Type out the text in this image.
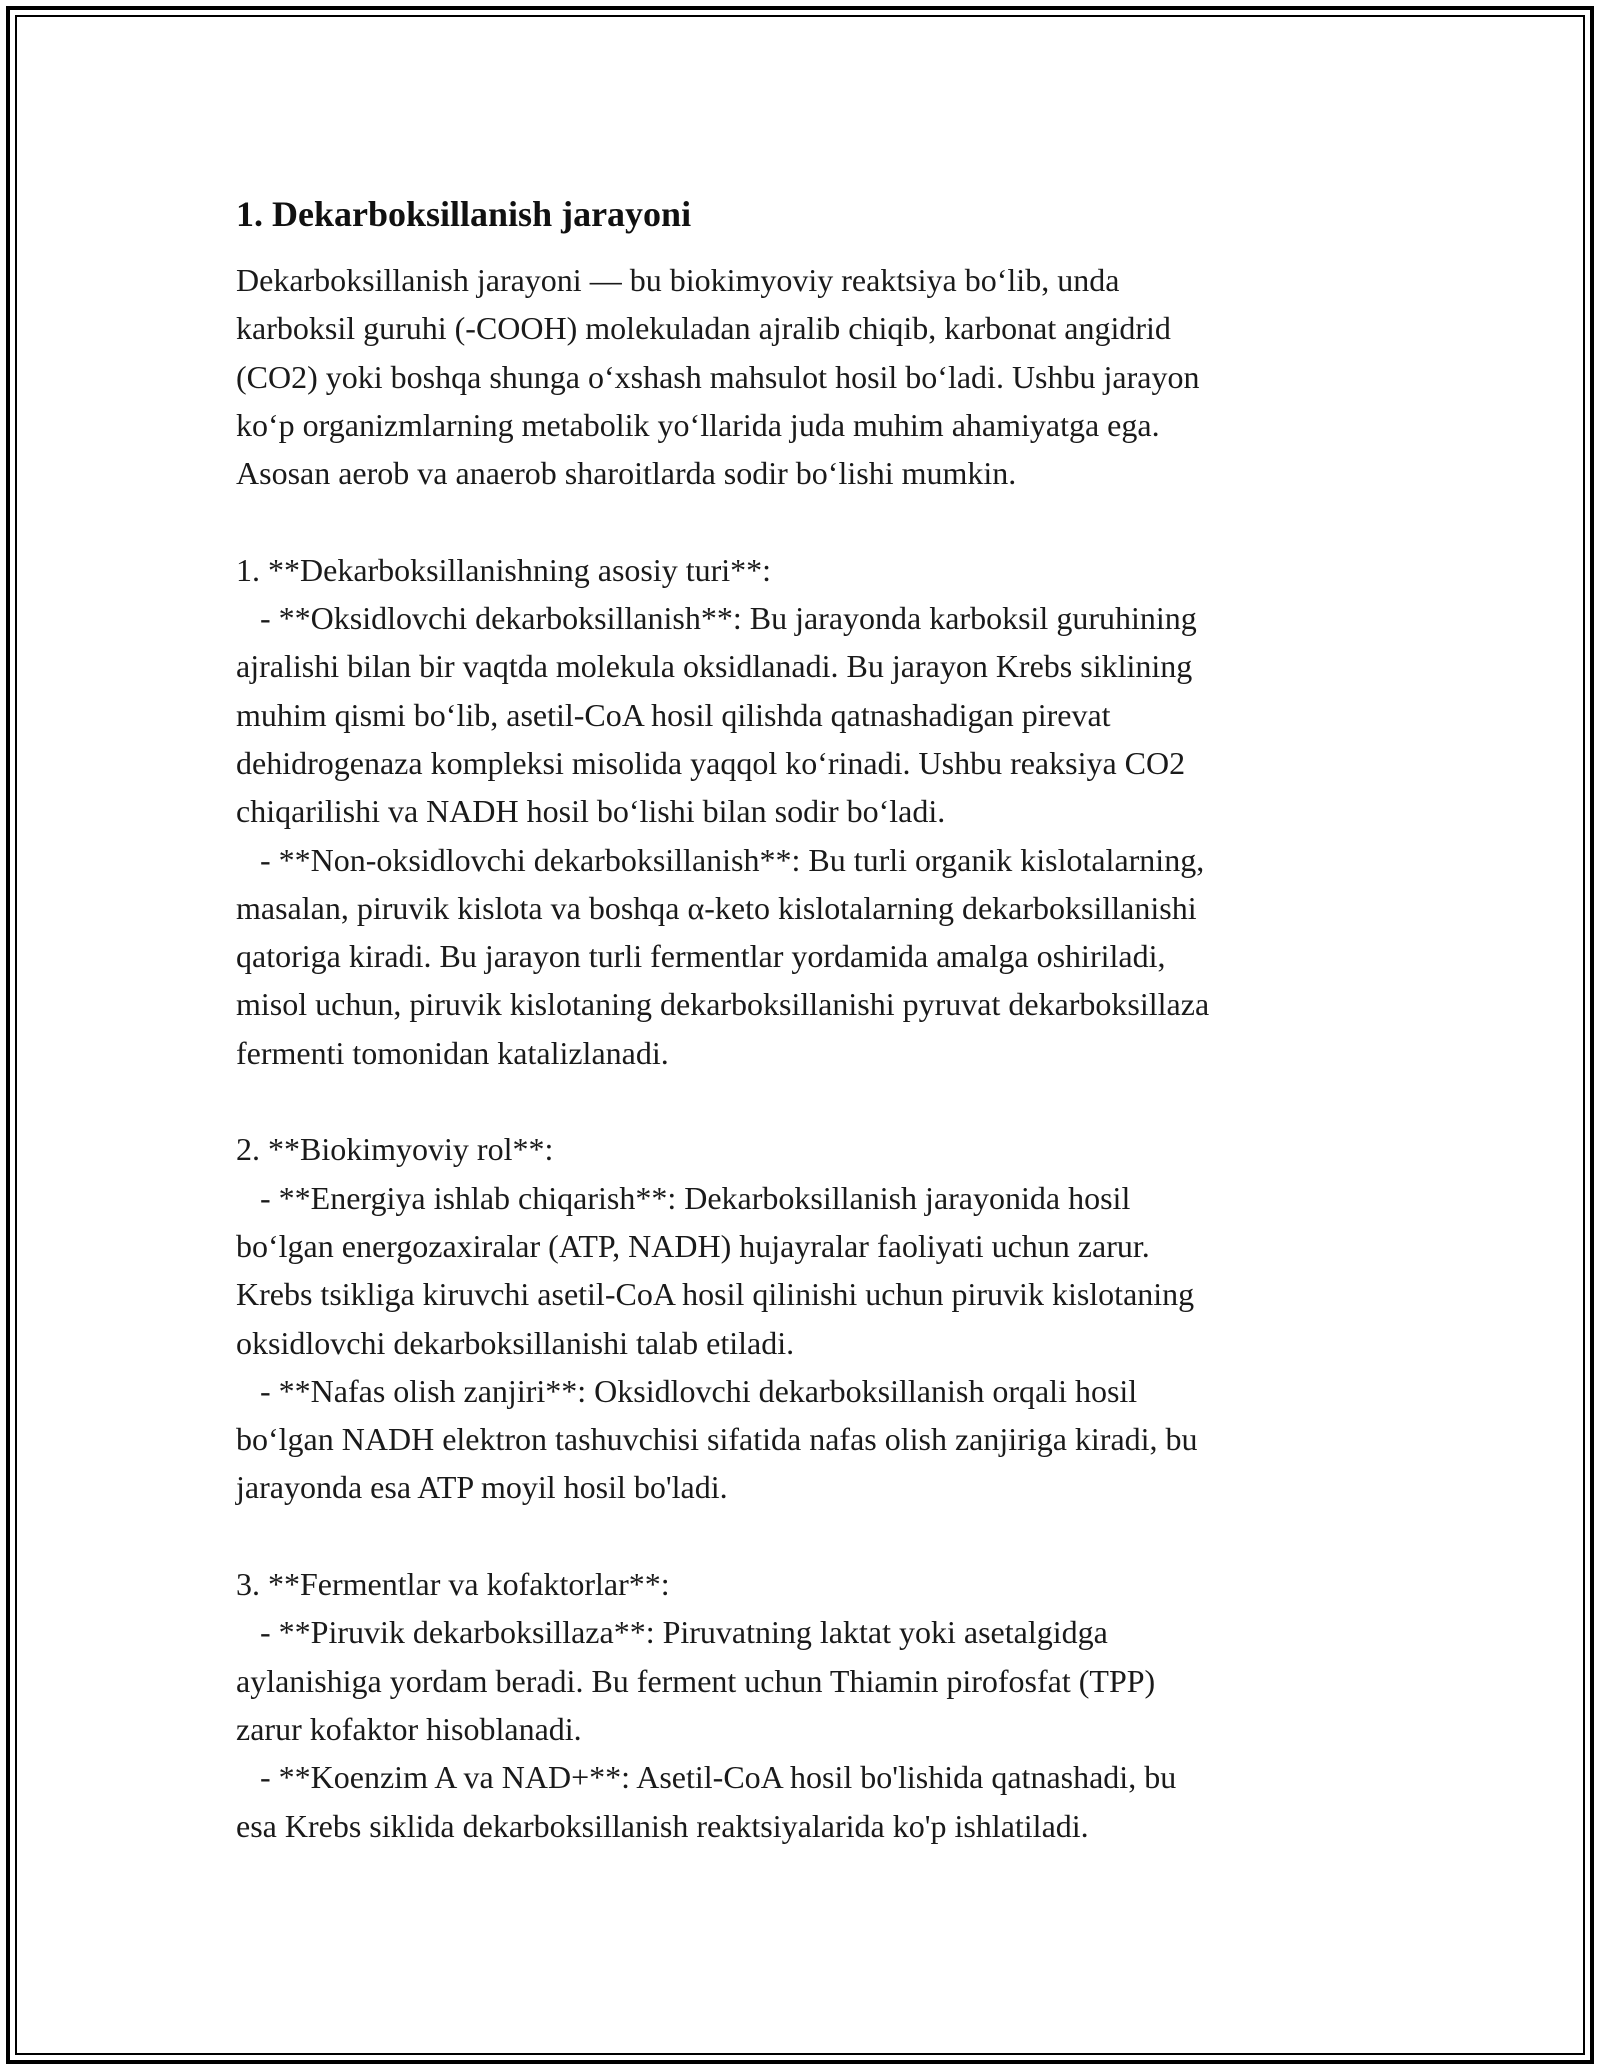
1. Dekarboksillanish jarayoni

Dekarboksillanish jarayoni — bu biokimyoviy reaktsiya bo‘lib, unda
karboksil guruhi (-COOH) molekuladan ajralib chiqib, karbonat angidrid
(CO2) yoki boshqa shunga o‘xshash mahsulot hosil bo‘ladi. Ushbu jarayon
ko‘p organizmlarning metabolik yo‘llarida juda muhim ahamiyatga ega.
Asosan aerob va anaerob sharoitlarda sodir bo‘lishi mumkin.

1. **Dekarboksillanishning asosiy turi**:
- **Oksidlovchi dekarboksillanish**: Bu jarayonda karboksil guruhining
ajralishi bilan bir vaqtda molekula oksidlanadi. Bu jarayon Krebs siklining
muhim qismi bo‘lib, asetil-CoA hosil qilishda qatnashadigan pirevat
dehidrogenaza kompleksi misolida yaqqol ko‘rinadi. Ushbu reaksiya CO2
chiqarilishi va NADH hosil bo‘lishi bilan sodir bo‘ladi.
- **Non-oksidlovchi dekarboksillanish**: Bu turli organik kislotalarning,
masalan, piruvik kislota va boshqa α-keto kislotalarning dekarboksillanishi
qatoriga kiradi. Bu jarayon turli fermentlar yordamida amalga oshiriladi,
misol uchun, piruvik kislotaning dekarboksillanishi pyruvat dekarboksillaza
fermenti tomonidan katalizlanadi.

2. **Biokimyoviy rol**:
- **Energiya ishlab chiqarish**: Dekarboksillanish jarayonida hosil
bo‘lgan energozaxiralar (ATP, NADH) hujayralar faoliyati uchun zarur.
Krebs tsikliga kiruvchi asetil-CoA hosil qilinishi uchun piruvik kislotaning
oksidlovchi dekarboksillanishi talab etiladi.
- **Nafas olish zanjiri**: Oksidlovchi dekarboksillanish orqali hosil
bo‘lgan NADH elektron tashuvchisi sifatida nafas olish zanjiriga kiradi, bu
jarayonda esa ATP moyil hosil bo'ladi.

3. **Fermentlar va kofaktorlar**:
- **Piruvik dekarboksillaza**: Piruvatning laktat yoki asetalgidga
aylanishiga yordam beradi. Bu ferment uchun Thiamin pirofosfat (TPP)
zarur kofaktor hisoblanadi.
- **Koenzim A va NAD+**: Asetil-CoA hosil bo'lishida qatnashadi, bu
esa Krebs siklida dekarboksillanish reaktsiyalarida ko'p ishlatiladi.
